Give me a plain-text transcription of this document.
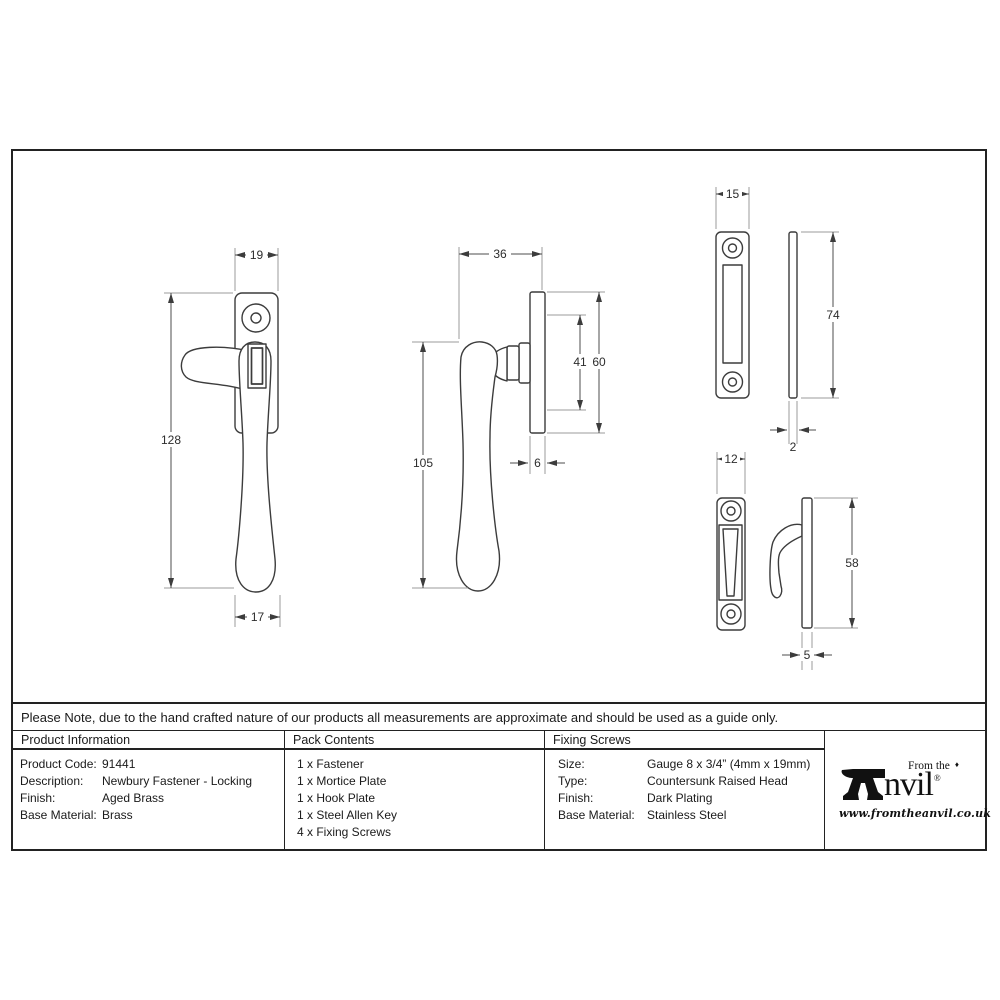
19
128
17
36
60
41
105	6
15
74
2
12
58
5
Please Note, due to the hand crafted nature of our products all measurements are approximate and should be used as a guide only.
Product Information
Product Code: 91441
Description:	Newbury Fastener - Locking
Finish:	Aged Brass
Base Material: Brass
Pack Contents
1 x Fastener
1 x Mortice Plate
1 x Hook Plate
1 x Steel Allen Key
4 x Fixing Screws
Fixing Screws
Size:	Gauge 8 x 3/4” (4mm x 19mm)
Type:	Countersunk Raised Head
Finish:	Dark Plating
Base Material:	Stainless Steel
From the ♦
nvil ®
www.fromtheanvil.co.uk
